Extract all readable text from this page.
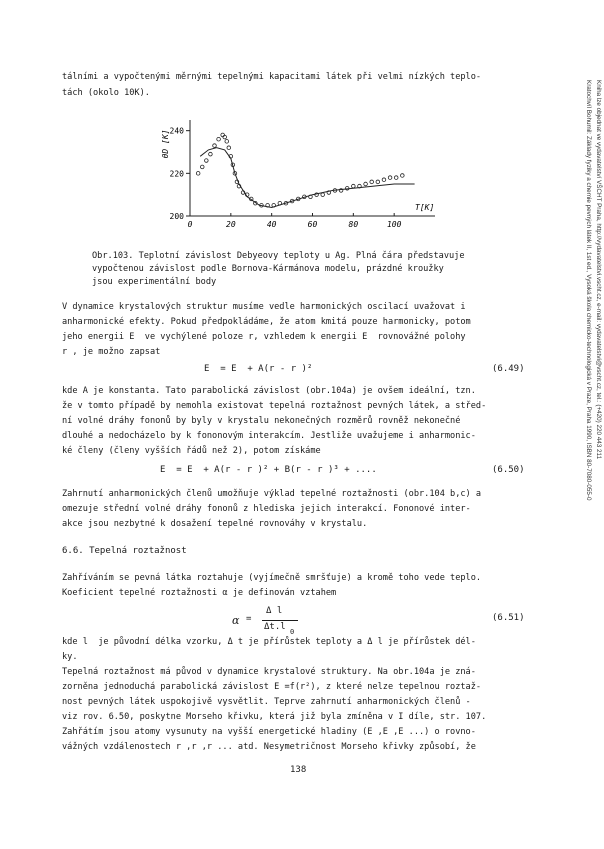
Kratochvíl Bohumil: Základy fyziky a chemie pevných látek II, 1st ed., Vysoká škola chemicko-technologická v Praze, Praha 1990, ISBN 80-7080-055-0 Kniha lze objednat ve vydavatelství VŠCHT Praha, http://vydavatelstvi.vscht.cz, e-mail: vydavatelstvi@vscht.cz, tel.: (+420) 220 443 211
tálními a vypočtenými měrnými tepelnými kapacitami látek při velmi nízkých teplo-
tách (okolo 10K).
200
220
240
0	20	40	60	80	100
T[K]
θD [K]
Obr.103. Teplotní závislost Debyeovy teploty u Ag. Plná čára představuje
vypočtenou závislost podle Bornova-Kármánova modelu, prázdné kroužky
jsou experimentální body
V dynamice krystalových struktur musíme vedle harmonických oscilací uvažovat i
anharmonické efekty. Pokud předpokládáme, že atom kmitá pouze harmonicky, potom
jeho energii E  ve vychýlené poloze r, vzhledem k energii E  rovnovážné polohy
r , je možno zapsat
E  = E  + A(r - r )²	(6.49)
kde A je konstanta. Tato parabolická závislost (obr.104a) je ovšem ideální, tzn.
že v tomto případě by nemohla existovat tepelná roztažnost pevných látek, a střed-
ní volné dráhy fononů by byly v krystalu nekonečných rozměrů rovněž nekonečné
dlouhé a nedocházelo by k fononovým interakcím. Jestliže uvažujeme i anharmonic-
ké členy (členy vyšších řádů než 2), potom získáme
E  = E  + A(r - r )² + B(r - r )³ + ....	(6.50)
Zahrnutí anharmonických členů umožňuje výklad tepelné roztažnosti (obr.104 b,c) a
omezuje střední volné dráhy fononů z hlediska jejich interakcí. Fononové inter-
akce jsou nezbytné k dosažení tepelné rovnováhy v krystalu.
6.6. Tepelná roztažnost
Zahříváním se pevná látka roztahuje (vyjímečně smršťuje) a kromě toho vede teplo.
Koeficient tepelné roztažnosti α je definován vztahem
α =
Δ l
Δt.l 0
(6.51)
kde l  je původní délka vzorku, Δ t je přírůstek teploty a Δ l je přírůstek dél-
ky.
Tepelná roztažnost má původ v dynamice krystalové struktury. Na obr.104a je zná-
zorněna jednoduchá parabolická závislost E =f(r²), z které nelze tepelnou roztaž-
nost pevných látek uspokojivě vysvětlit. Teprve zahrnutí anharmonických členů -
viz rov. 6.50, poskytne Morseho křivku, která již byla zmíněna v I díle, str. 107.
Zahřátím jsou atomy vysunuty na vyšší energetické hladiny (E ,E ,E ...) o rovno-
vážných vzdálenostech r ,r ,r ... atd. Nesymetričnost Morseho křivky způsobí, že
138
